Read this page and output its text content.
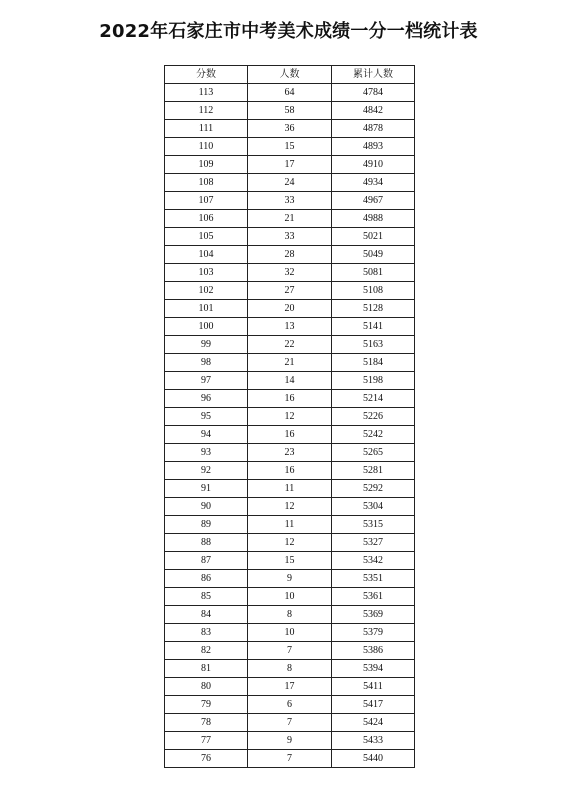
2022年石家庄市中考美术成绩一分一档统计表
分数	人数	累计人数
113	64	4784
112	58	4842
111	36	4878
110	15	4893
109	17	4910
108	24	4934
107	33	4967
106	21	4988
105	33	5021
104	28	5049
103	32	5081
102	27	5108
101	20	5128
100	13	5141
99	22	5163
98	21	5184
97	14	5198
96	16	5214
95	12	5226
94	16	5242
93	23	5265
92	16	5281
91	11	5292
90	12	5304
89	11	5315
88	12	5327
87	15	5342
86	9	5351
85	10	5361
84	8	5369
83	10	5379
82	7	5386
81	8	5394
80	17	5411
79	6	5417
78	7	5424
77	9	5433
76	7	5440
